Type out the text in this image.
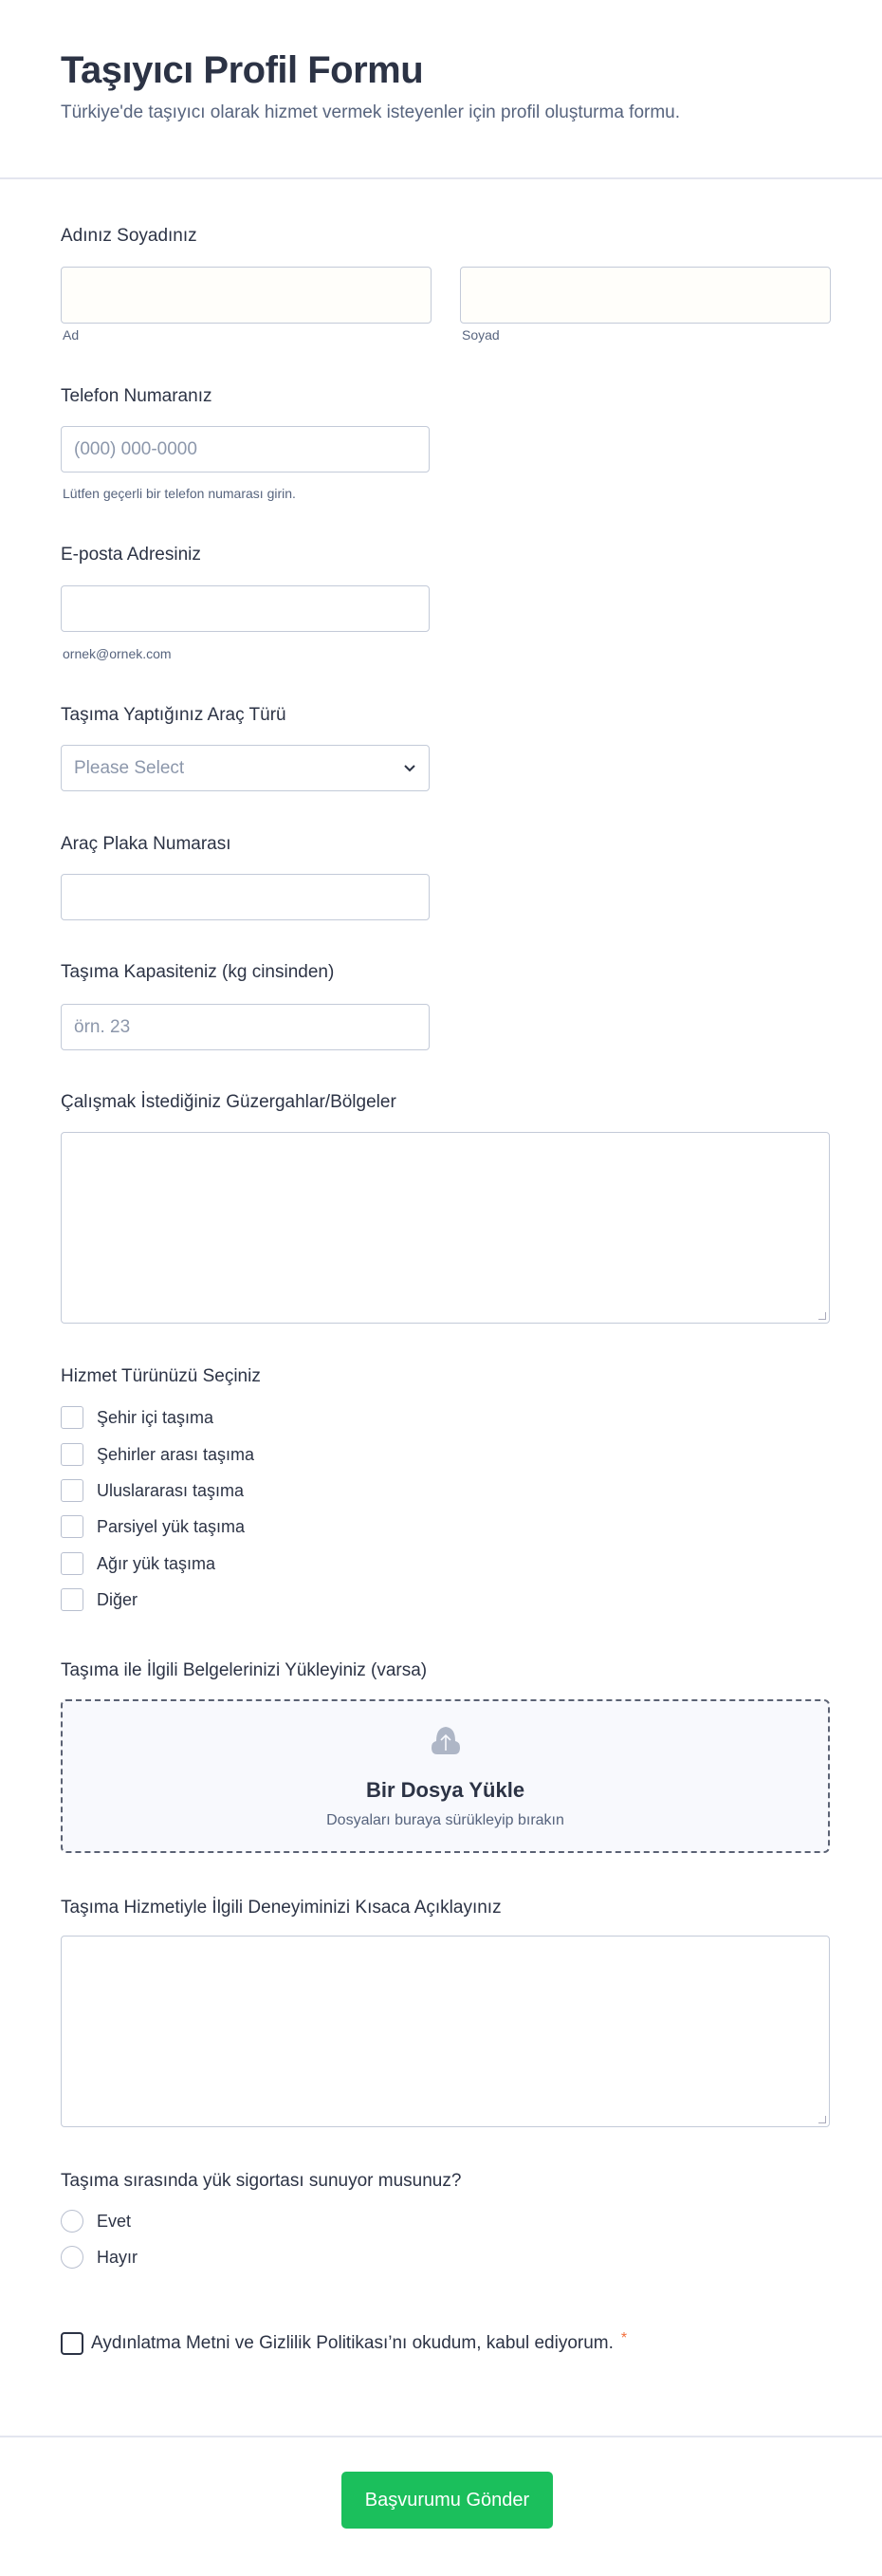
Taşıyıcı Profil Formu
Türkiye'de taşıyıcı olarak hizmet vermek isteyenler için profil oluşturma formu.
Adınız Soyadınız
Ad	Soyad
Telefon Numaranız
(000) 000-0000
Lütfen geçerli bir telefon numarası girin.
E-posta Adresiniz
ornek@ornek.com
Taşıma Yaptığınız Araç Türü
Please Select
Araç Plaka Numarası
Taşıma Kapasiteniz (kg cinsinden)
örn. 23
Çalışmak İstediğiniz Güzergahlar/Bölgeler
Hizmet Türünüzü Seçiniz
Şehir içi taşıma
Şehirler arası taşıma
Uluslararası taşıma
Parsiyel yük taşıma
Ağır yük taşıma
Diğer
Taşıma ile İlgili Belgelerinizi Yükleyiniz (varsa)
Bir Dosya Yükle
Dosyaları buraya sürükleyip bırakın
Taşıma Hizmetiyle İlgili Deneyiminizi Kısaca Açıklayınız
Taşıma sırasında yük sigortası sunuyor musunuz?
Evet
Hayır
Aydınlatma Metni ve Gizlilik Politikası’nı okudum, kabul ediyorum. *
Başvurumu Gönder
